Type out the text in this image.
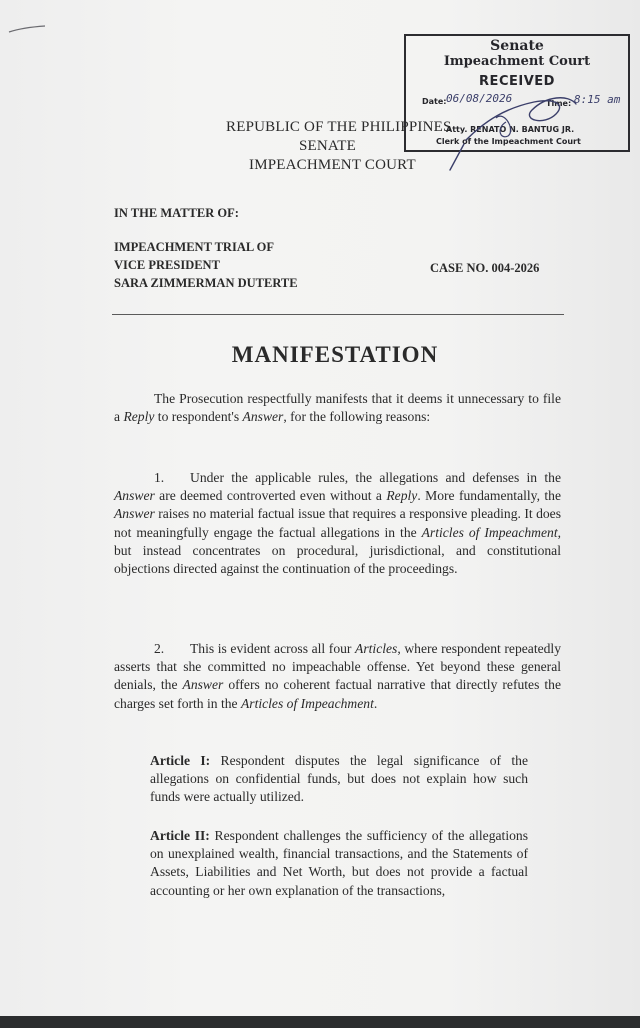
Senate
Impeachment Court
RECEIVED
Date: 06/08/2026	Time: 8:15 am
Atty. RENATO N. BANTUG JR.
Clerk of the Impeachment Court
REPUBLIC OF THE PHILIPPINES
SENATE
IMPEACHMENT COURT
IN THE MATTER OF:
IMPEACHMENT TRIAL OF
VICE PRESIDENT
SARA ZIMMERMAN DUTERTE
CASE NO. 004-2026
MANIFESTATION

The Prosecution respectfully manifests that it deems it unnecessary to file a Reply to respondent's Answer, for the following reasons:

1. Under the applicable rules, the allegations and defenses in the Answer are deemed controverted even without a Reply. More fundamentally, the Answer raises no material factual issue that requires a responsive pleading. It does not meaningfully engage the factual allegations in the Articles of Impeachment, but instead concentrates on procedural, jurisdictional, and constitutional objections directed against the continuation of the proceedings.

2. This is evident across all four Articles, where respondent repeatedly asserts that she committed no impeachable offense. Yet beyond these general denials, the Answer offers no coherent factual narrative that directly refutes the charges set forth in the Articles of Impeachment.

Article I: Respondent disputes the legal significance of the allegations on confidential funds, but does not explain how such funds were actually utilized.
Article II: Respondent challenges the sufficiency of the allegations on unexplained wealth, financial transactions, and the Statements of Assets, Liabilities and Net Worth, but does not provide a factual accounting or her own explanation of the transactions,
